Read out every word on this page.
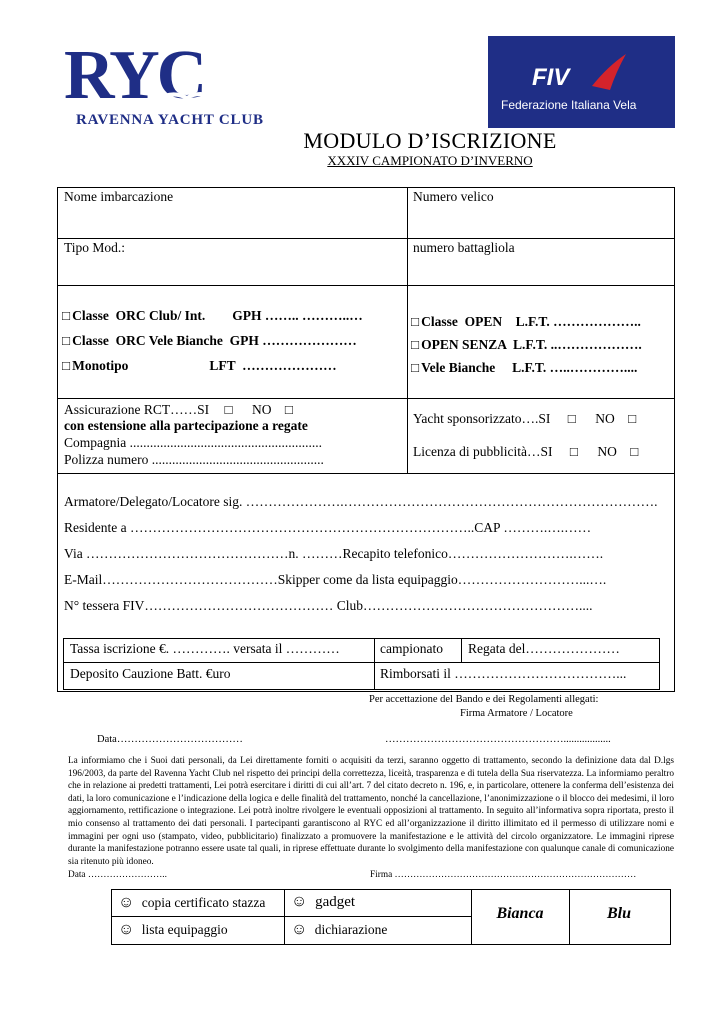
RYC
RAVENNA YACHT CLUB
FIV
Federazione Italiana Vela
MODULO D’ISCRIZIONE
XXXIV CAMPIONATO D’INVERNO
Nome imbarcazione	Numero velico
Tipo Mod.:	numero battagliola
□ Classe  ORC Club/ Int.        GPH …….. ………..…
□ Classe  ORC Vele Bianche  GPH …………………
□ Monotipo                        LFT  …………………
□ Classe  OPEN    L.F.T. ………………..
□ OPEN SENZA  L.F.T. ..……………….
□ Vele Bianche     L.F.T. …..…………....
Assicurazione RCT……SI □	NO □
con estensione alla partecipazione a regate
Compagnia .........................................................
Polizza numero ...................................................
Yacht sponsorizzato….SI □	NO □
Licenza di pubblicità…SI □	NO □
Armatore/Delegato/Locatore sig. ………………….…………………………………………………………….
Residente a …………………………………………………………………..CAP ……….….……
Via ………………………………………n. ………Recapito telefonico……………………….…….
E-Mail…………………………………Skipper come da lista equipaggio………………………...….
N° tessera FIV…………………………………… Club…………………………………………....
Tassa iscrizione €. …………. versata il …………	campionato Regata del…………………
Deposito Cauzione Batt. €uro	Rimborsati il ………………………………...
Per accettazione del Bando e dei Regolamenti allegati:
Firma Armatore / Locatore
Data………………………………	……………………………………………..................
La informiamo che i Suoi dati personali, da Lei direttamente forniti o acquisiti da terzi, saranno oggetto di trattamento, secondo la definizione data dal D.lgs 196/2003, da parte del Ravenna Yacht Club nel rispetto dei principi della correttezza, liceità, trasparenza e di tutela della Sua riservatezza. La informiamo peraltro che in relazione ai predetti trattamenti, Lei potrà esercitare i diritti di cui all’art. 7 del citato decreto n. 196, e, in particolare, ottenere la conferma dell’esistenza dei dati, la loro comunicazione e l’indicazione della logica e delle finalità del trattamento, nonché la cancellazione, l’anonimizzazione o il blocco dei medesimi, il loro aggiornamento, rettificazione o integrazione. Lei potrà inoltre rivolgere le eventuali opposizioni al trattamento. In seguito all’informativa sopra riportata, presto il mio consenso al trattamento dei dati personali. I partecipanti garantiscono al RYC ed all’organizzazione il diritto illimitato ed il permesso di utilizzare nomi e immagini per ogni uso (stampato, video, pubblicitario) finalizzato a promuovere la manifestazione e le attività del circolo organizzatore. Le immagini riprese durante la manifestazione potranno essere usate tal quali, in riprese effettuate durante lo svolgimento della manifestazione con qualunque canale di comunicazione sia ritenuto più idoneo.
Data ……………………..	Firma ……………………………………………………………………
☺ copia certificato stazza ☺ gadget
☺ lista equipaggio	☺ dichiarazione
Bianca	Blu
